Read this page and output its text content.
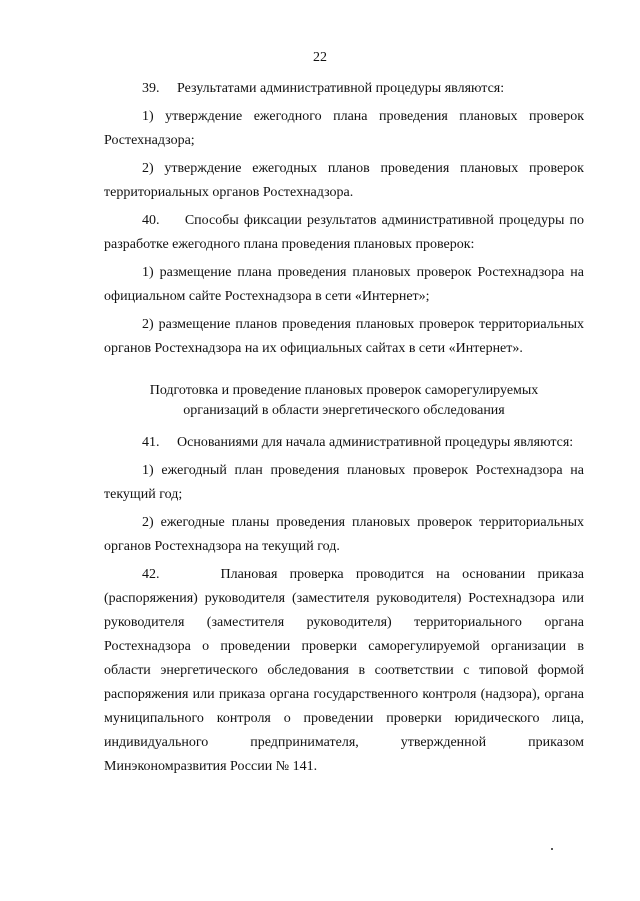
22

39.     Результатами административной процедуры являются:

1) утверждение ежегодного плана проведения плановых проверок Ростехнадзора;

2) утверждение ежегодных планов проведения плановых проверок территориальных органов Ростехнадзора.

40.     Способы фиксации результатов административной процедуры по разработке ежегодного плана проведения плановых проверок:

1) размещение плана проведения плановых проверок Ростехнадзора на официальном сайте Ростехнадзора в сети «Интернет»;

2) размещение планов проведения плановых проверок территориальных органов Ростехнадзора на их официальных сайтах в сети «Интернет».

Подготовка и проведение плановых проверок саморегулируемых
организаций в области энергетического обследования

41.     Основаниями для начала административной процедуры являются:

1) ежегодный план проведения плановых проверок Ростехнадзора на текущий год;

2) ежегодные планы проведения плановых проверок территориальных органов Ростехнадзора на текущий год.

42.     Плановая проверка проводится на основании приказа (распоряжения) руководителя (заместителя руководителя) Ростехнадзора или руководителя (заместителя руководителя) территориального органа Ростехнадзора о проведении проверки саморегулируемой организации в области энергетического обследования в соответствии с типовой формой распоряжения или приказа органа государственного контроля (надзора), органа муниципального контроля о проведении проверки юридического лица, индивидуального предпринимателя, утвержденной приказом Минэкономразвития России № 141.
